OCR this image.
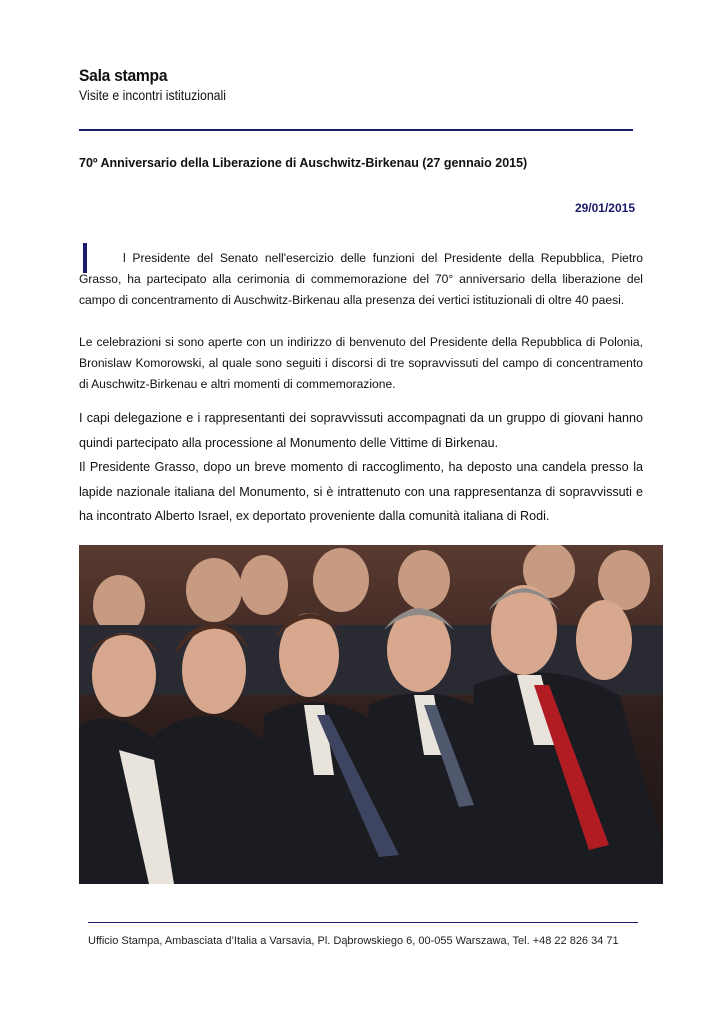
Sala stampa
Visite e incontri istituzionali
70º Anniversario della Liberazione di Auschwitz-Birkenau (27 gennaio 2015)
29/01/2015

l Presidente del Senato nell'esercizio delle funzioni del Presidente della Repubblica, Pietro Grasso, ha partecipato alla cerimonia di commemorazione del 70° anniversario della liberazione del campo di concentramento di Auschwitz-Birkenau alla presenza dei vertici istituzionali di oltre 40 paesi.

Le celebrazioni si sono aperte con un indirizzo di benvenuto del Presidente della Repubblica di Polonia, Bronislaw Komorowski, al quale sono seguiti i discorsi di tre sopravvissuti del campo di concentramento di Auschwitz-Birkenau e altri momenti di commemorazione.

I capi delegazione e i rappresentanti dei sopravvissuti accompagnati da un gruppo di giovani hanno quindi partecipato alla processione al Monumento delle Vittime di Birkenau.

Il Presidente Grasso, dopo un breve momento di raccoglimento, ha deposto una candela presso la lapide nazionale italiana del Monumento, si è intrattenuto con una rappresentanza di sopravvissuti e ha incontrato Alberto Israel, ex deportato proveniente dalla comunità italiana di Rodi.

Ufficio Stampa, Ambasciata d’Italia a Varsavia, Pl. Dąbrowskiego 6, 00-055 Warszawa, Tel. +48 22 826 34 71
